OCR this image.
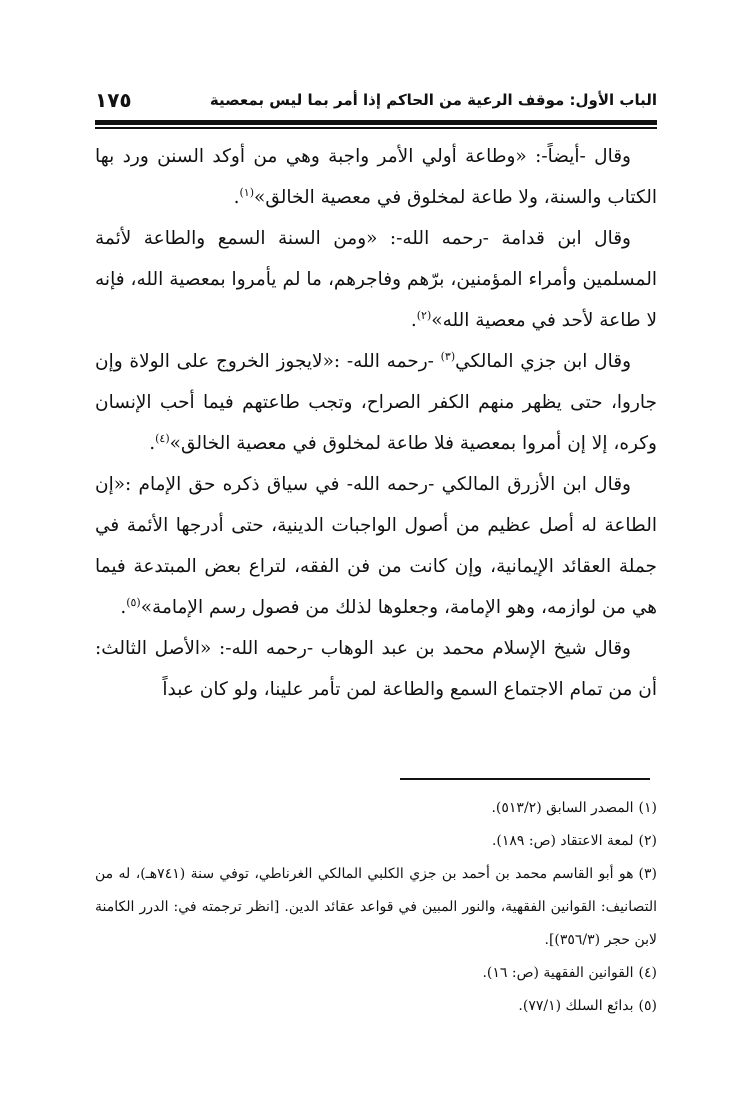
الباب الأول: موقف الرعية من الحاكم إذا أمر بما ليس بمعصية
١٧٥

وقال -أيضاً-: «وطاعة أولي الأمر واجبة وهي من أوكد السنن ورد بها الكتاب والسنة، ولا طاعة لمخلوق في معصية الخالق»$^{(١)}$.

وقال ابن قدامة -رحمه الله-: «ومن السنة السمع والطاعة لأئمة المسلمين وأمراء المؤمنين، برّهم وفاجرهم، ما لم يأمروا بمعصية الله، فإنه لا طاعة لأحد في معصية الله»$^{(٢)}$.

وقال ابن جزي المالكي$^{(٣)}$ -رحمه الله- :«لايجوز الخروج على الولاة وإن جاروا، حتى يظهر منهم الكفر الصراح، وتجب طاعتهم فيما أحب الإنسان وكره، إلا إن أمروا بمعصية فلا طاعة لمخلوق في معصية الخالق»$^{(٤)}$.

وقال ابن الأزرق المالكي -رحمه الله- في سياق ذكره حق الإمام :«إن الطاعة له أصل عظيم من أصول الواجبات الدينية، حتى أدرجها الأئمة في جملة العقائد الإيمانية، وإن كانت من فن الفقه، لتراع بعض المبتدعة فيما هي من لوازمه، وهو الإمامة، وجعلوها لذلك من فصول رسم الإمامة»$^{(٥)}$.

وقال شيخ الإسلام محمد بن عبد الوهاب -رحمه الله-: «الأصل الثالث: أن من تمام الاجتماع السمع والطاعة لمن تأمر علينا، ولو كان عبداً

(١)المصدر السابق (٥١٣/٢).

(٢)لمعة الاعتقاد (ص: ١٨٩).

(٣)هو أبو القاسم محمد بن أحمد بن جزي الكلبي المالكي الغرناطي، توفي سنة (٧٤١هـ)، له من التصانيف: القوانين الفقهية، والنور المبين في قواعد عقائد الدين. [انظر ترجمته في: الدرر الكامنة لابن حجر (٣٥٦/٣)].

(٤)القوانين الفقهية (ص: ١٦).

(٥)بدائع السلك (٧٧/١).
